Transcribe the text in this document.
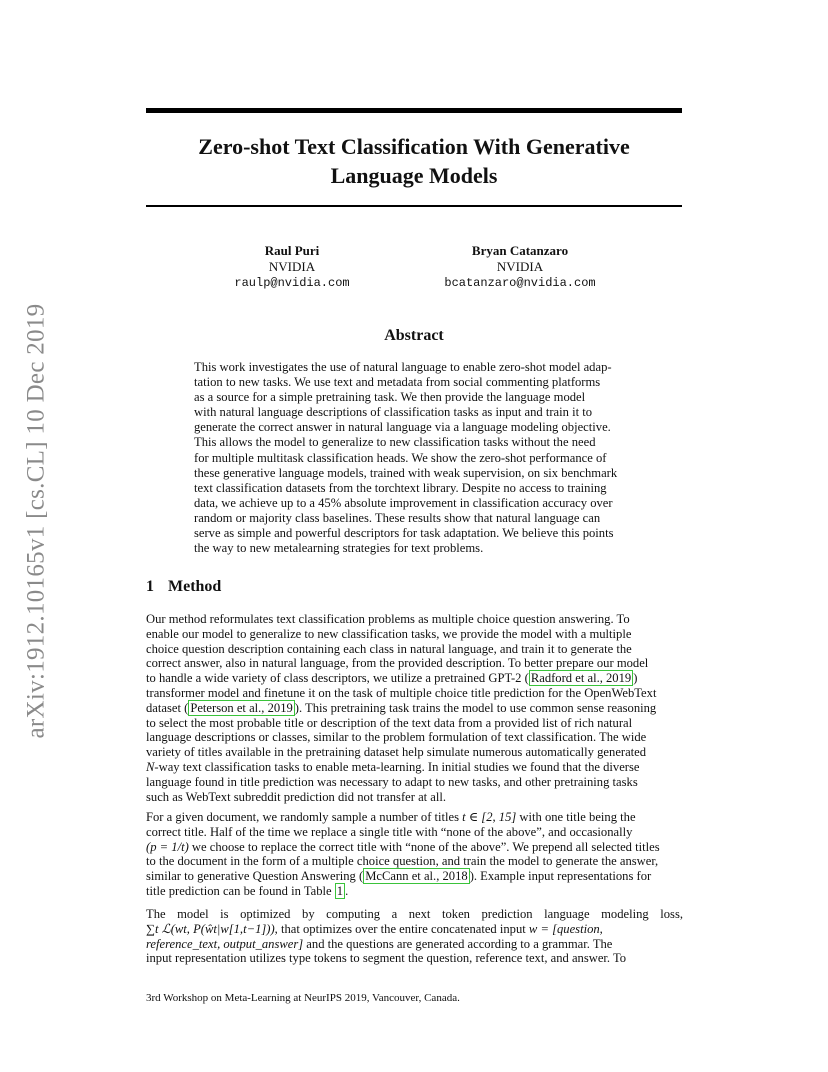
arXiv:1912.10165v1 [cs.CL] 10 Dec 2019
Zero-shot Text Classification With Generative
Language Models
Raul Puri
NVIDIA
raulp@nvidia.com
Bryan Catanzaro
NVIDIA
bcatanzaro@nvidia.com
Abstract
This work investigates the use of natural language to enable zero-shot model adap-
tation to new tasks. We use text and metadata from social commenting platforms
as a source for a simple pretraining task. We then provide the language model
with natural language descriptions of classification tasks as input and train it to
generate the correct answer in natural language via a language modeling objective.
This allows the model to generalize to new classification tasks without the need
for multiple multitask classification heads. We show the zero-shot performance of
these generative language models, trained with weak supervision, on six benchmark
text classification datasets from the torchtext library. Despite no access to training
data, we achieve up to a 45% absolute improvement in classification accuracy over
random or majority class baselines. These results show that natural language can
serve as simple and powerful descriptors for task adaptation. We believe this points
the way to new metalearning strategies for text problems.
1 Method
Our method reformulates text classification problems as multiple choice question answering. To
enable our model to generalize to new classification tasks, we provide the model with a multiple
choice question description containing each class in natural language, and train it to generate the
correct answer, also in natural language, from the provided description. To better prepare our model
to handle a wide variety of class descriptors, we utilize a pretrained GPT-2 ( Radford et al., 2019 )
transformer model and finetune it on the task of multiple choice title prediction for the OpenWebText
dataset ( Peterson et al., 2019 ). This pretraining task trains the model to use common sense reasoning
to select the most probable title or description of the text data from a provided list of rich natural
language descriptions or classes, similar to the problem formulation of text classification. The wide
variety of titles available in the pretraining dataset help simulate numerous automatically generated
N-way text classification tasks to enable meta-learning. In initial studies we found that the diverse
language found in title prediction was necessary to adapt to new tasks, and other pretraining tasks
such as WebText subreddit prediction did not transfer at all.
For a given document, we randomly sample a number of titles t ∈ [2, 15] with one title being the
correct title. Half of the time we replace a single title with “none of the above”, and occasionally
(p = 1/t) we choose to replace the correct title with “none of the above”. We prepend all selected titles
to the document in the form of a multiple choice question, and train the model to generate the answer,
similar to generative Question Answering ( McCann et al., 2018 ). Example input representations for
title prediction can be found in Table 1 .
The model is optimized by computing a next token prediction language modeling loss,
∑t ℒ(wt, P(ŵt|w[1,t−1])), that optimizes over the entire concatenated input w = [question,
reference_text, output_answer] and the questions are generated according to a grammar. The
input representation utilizes type tokens to segment the question, reference text, and answer. To
3rd Workshop on Meta-Learning at NeurIPS 2019, Vancouver, Canada.
